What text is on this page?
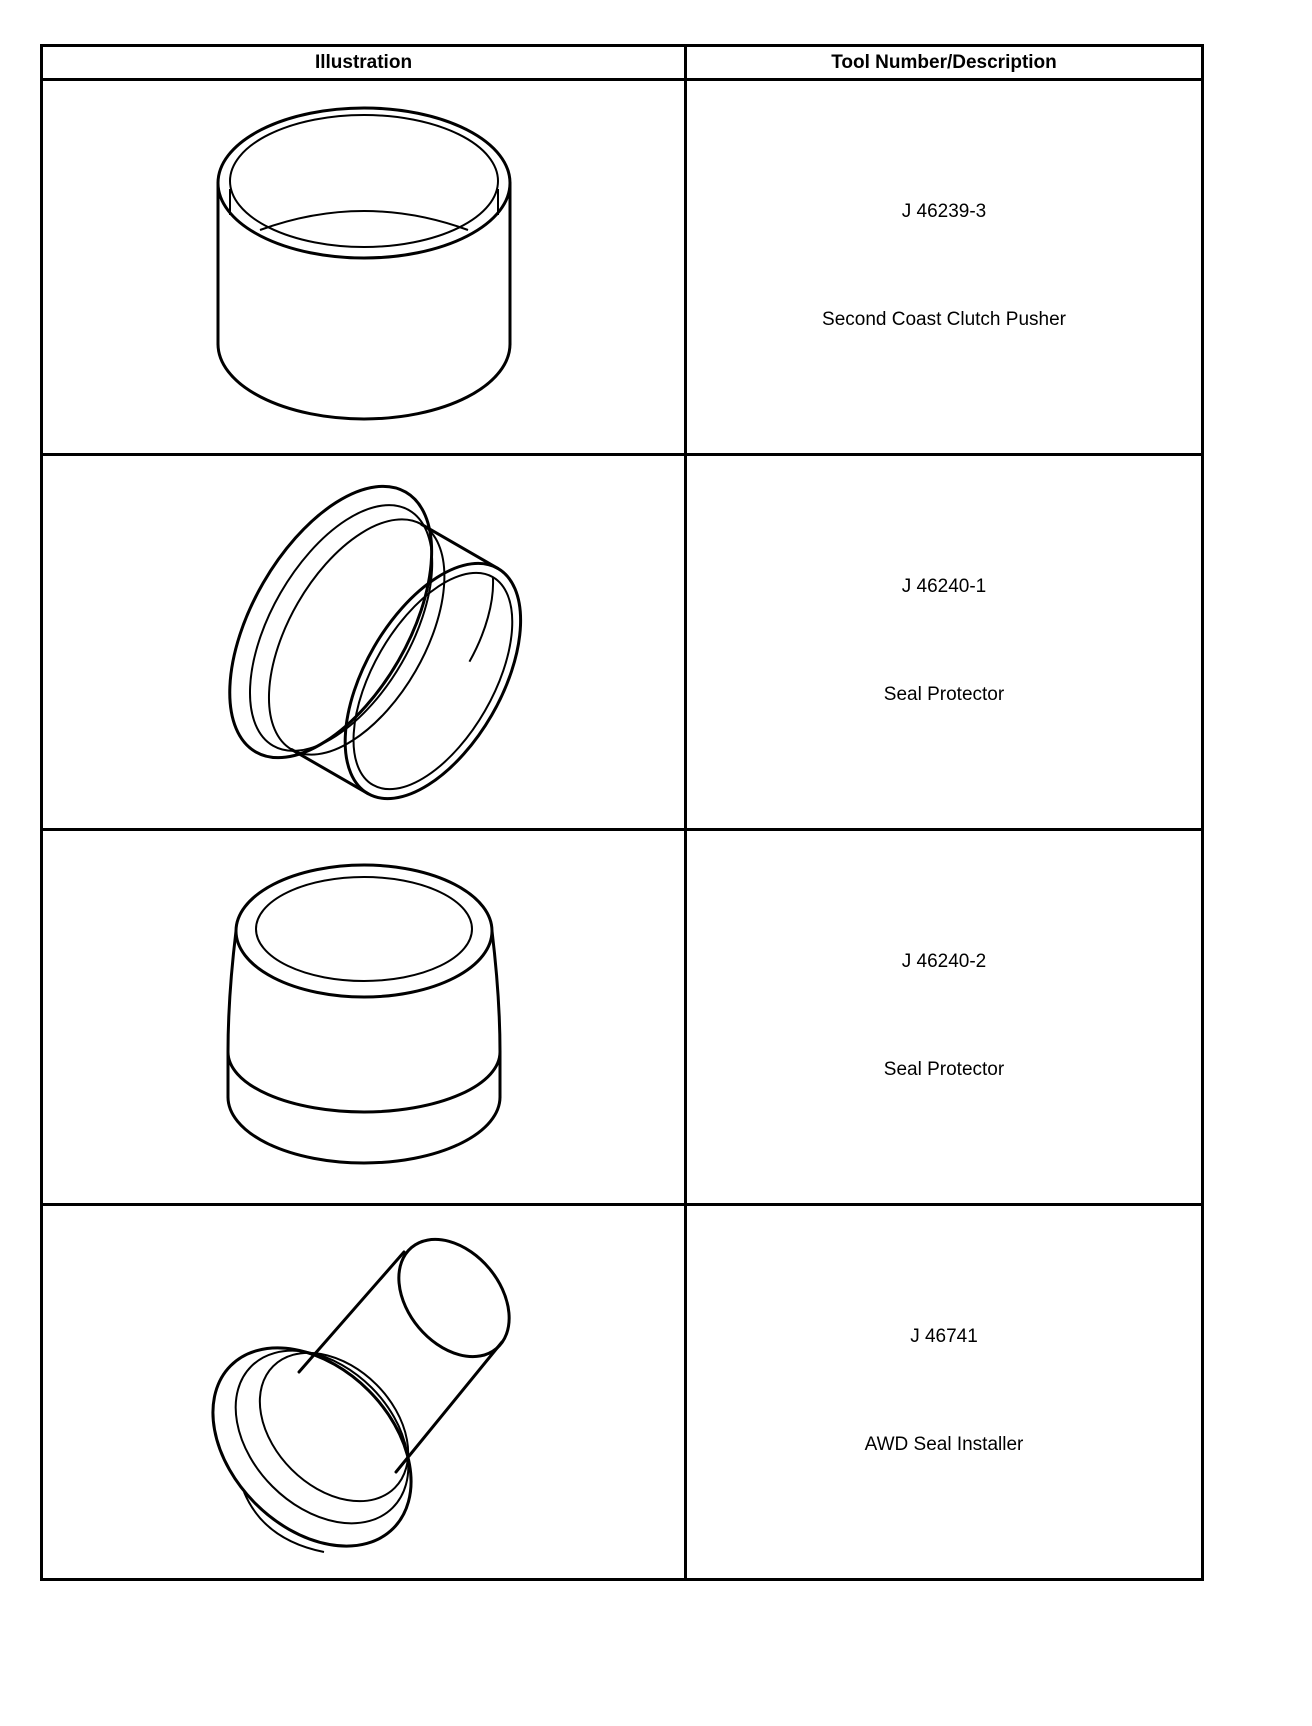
Illustration	Tool Number/Description

J 46239-3
Second Coast Clutch Pusher

J 46240-1
Seal Protector

J 46240-2
Seal Protector

J 46741
AWD Seal Installer
